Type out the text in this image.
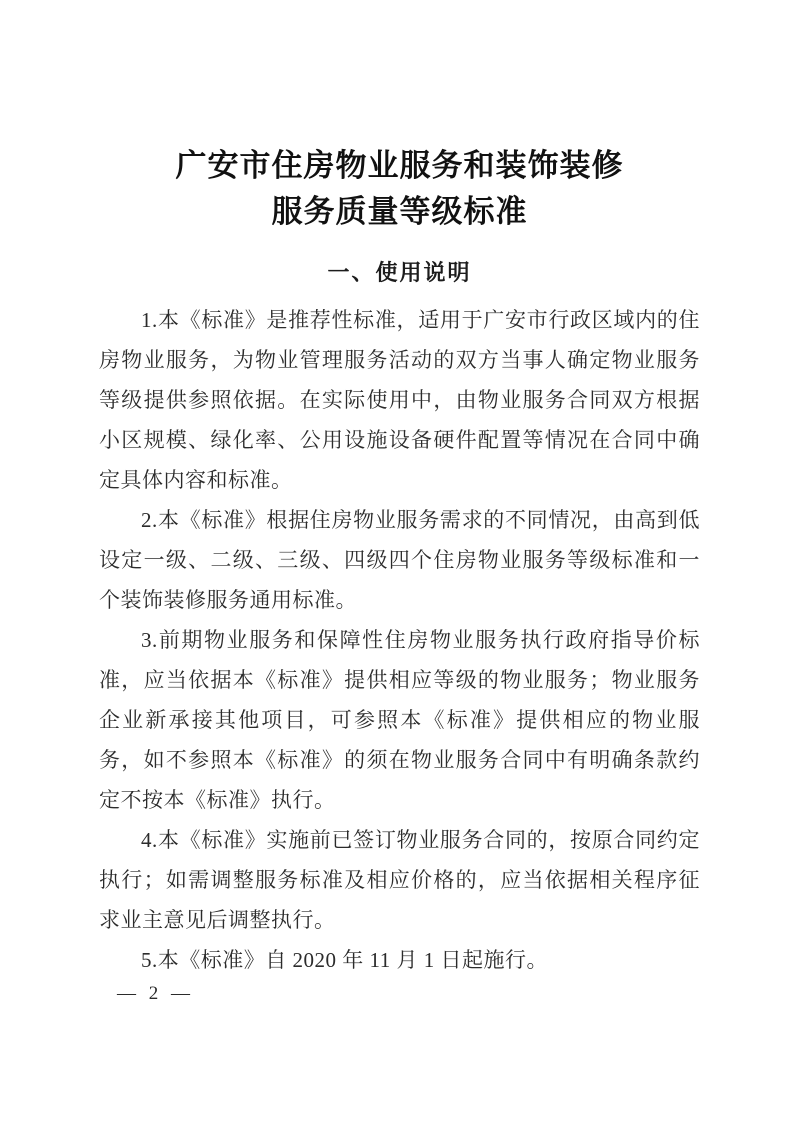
广安市住房物业服务和装饰装修
服务质量等级标准
一、使用说明

1.本《标准》是推荐性标准，适用于广安市行政区域内的住房物业服务，为物业管理服务活动的双方当事人确定物业服务等级提供参照依据。在实际使用中，由物业服务合同双方根据小区规模、绿化率、公用设施设备硬件配置等情况在合同中确定具体内容和标准。

2.本《标准》根据住房物业服务需求的不同情况，由高到低设定一级、二级、三级、四级四个住房物业服务等级标准和一个装饰装修服务通用标准。

3.前期物业服务和保障性住房物业服务执行政府指导价标准，应当依据本《标准》提供相应等级的物业服务；物业服务企业新承接其他项目，可参照本《标准》提供相应的物业服务，如不参照本《标准》的须在物业服务合同中有明确条款约定不按本《标准》执行。

4.本《标准》实施前已签订物业服务合同的，按原合同约定执行；如需调整服务标准及相应价格的，应当依据相关程序征求业主意见后调整执行。

5.本《标准》自 2020 年 11 月 1 日起施行。

— 2 —
